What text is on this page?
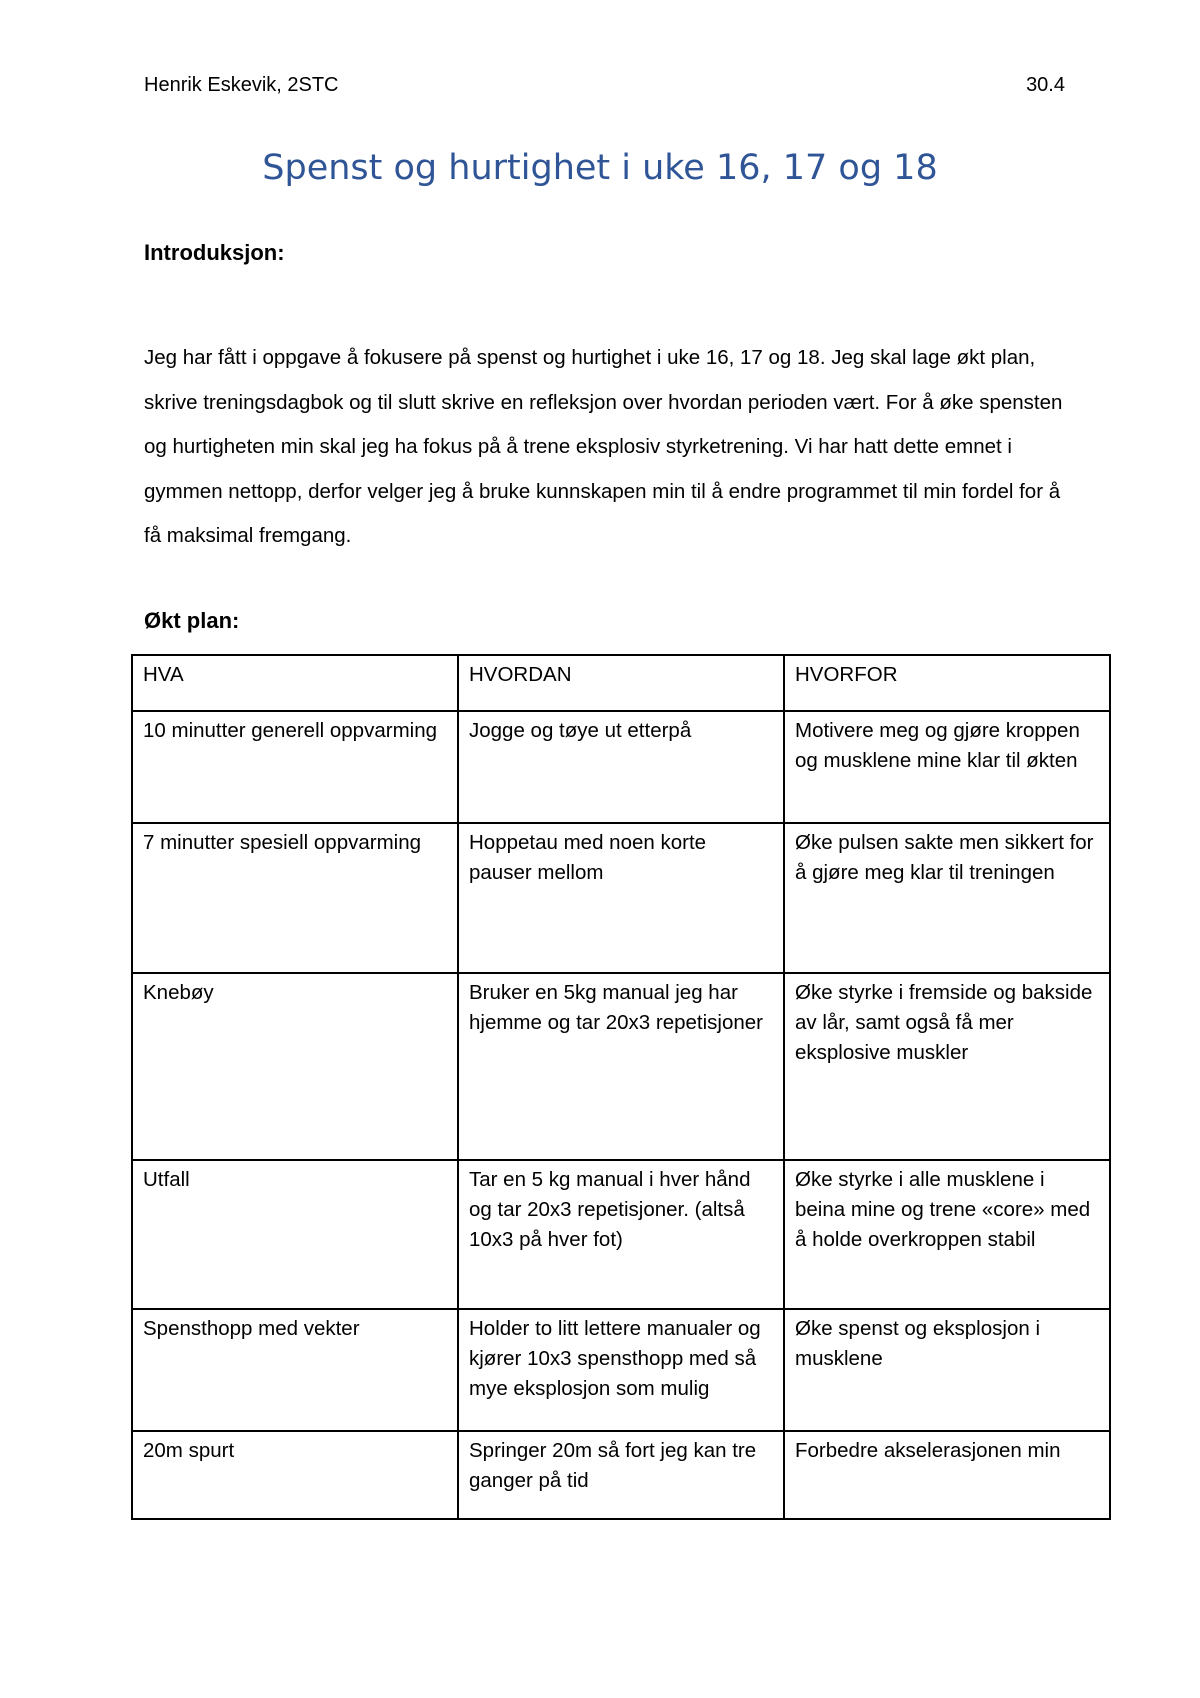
Henrik Eskevik, 2STC	30.4
Spenst og hurtighet i uke 16, 17 og 18
Introduksjon:

Jeg har fått i oppgave å fokusere på spenst og hurtighet i uke 16, 17 og 18. Jeg skal lage økt plan, skrive treningsdagbok og til slutt skrive en refleksjon over hvordan perioden vært. For å øke spensten og hurtigheten min skal jeg ha fokus på å trene eksplosiv styrketrening. Vi har hatt dette emnet i gymmen nettopp, derfor velger jeg å bruke kunnskapen min til å endre programmet til min fordel for å få maksimal fremgang.

Økt plan:
HVA	HVORDAN	HVORFOR
10 minutter generell oppvarming	Jogge og tøye ut etterpå	Motivere meg og gjøre kroppen og musklene mine klar til økten
7 minutter spesiell oppvarming	Hoppetau med noen korte pauser mellom	Øke pulsen sakte men sikkert for å gjøre meg klar til treningen
Knebøy	Bruker en 5kg manual jeg har hjemme og tar 20x3 repetisjoner	Øke styrke i fremside og bakside av lår, samt også få mer eksplosive muskler
Utfall	Tar en 5 kg manual i hver hånd og tar 20x3 repetisjoner. (altså 10x3 på hver fot)	Øke styrke i alle musklene i beina mine og trene «core» med å holde overkroppen stabil
Spensthopp med vekter	Holder to litt lettere manualer og kjører 10x3 spensthopp med så mye eksplosjon som mulig	Øke spenst og eksplosjon i musklene
20m spurt	Springer 20m så fort jeg kan tre ganger på tid	Forbedre akselerasjonen min
